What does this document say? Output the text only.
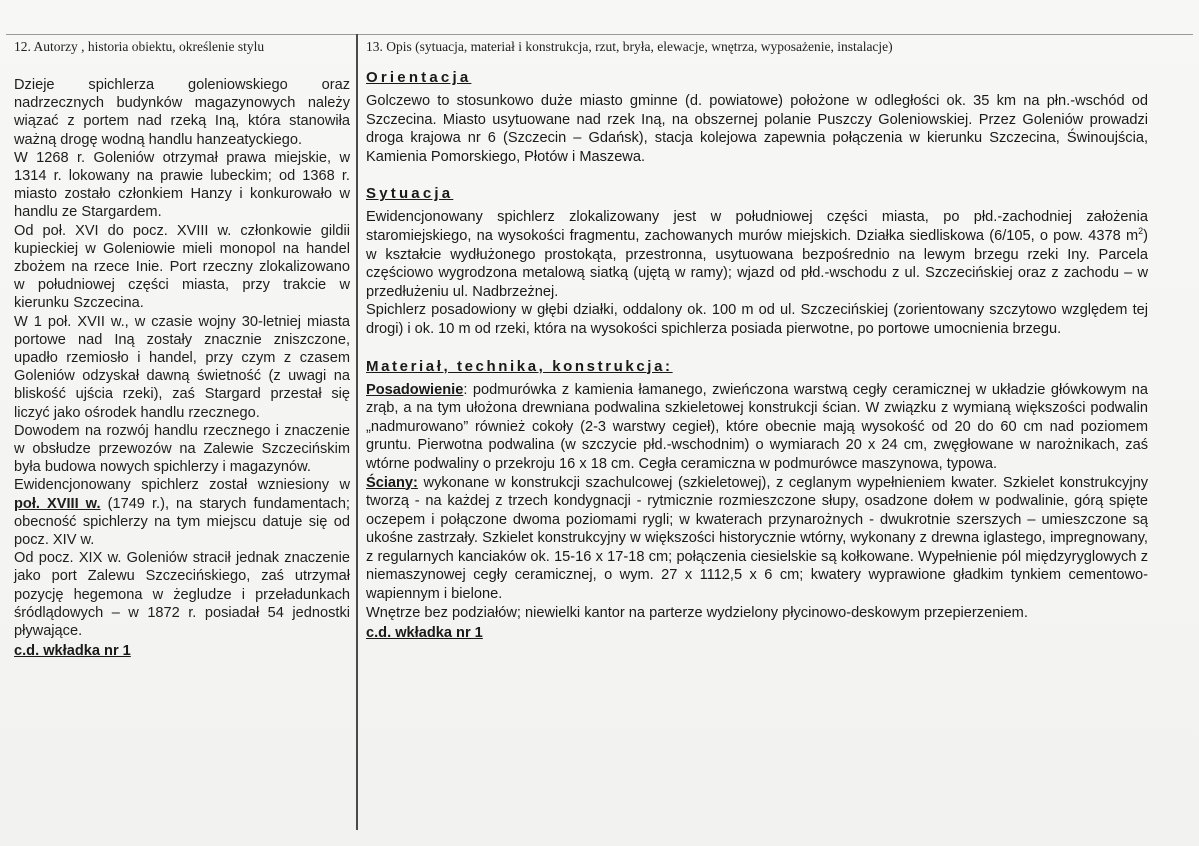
12. Autorzy , historia obiektu, określenie stylu

Dzieje spichlerza goleniowskiego oraz nadrzecznych budynków magazynowych należy wiązać z portem nad rzeką Iną, która stanowiła ważną drogę wodną handlu hanzeatyckiego.

W 1268 r. Goleniów otrzymał prawa miejskie, w 1314 r. lokowany na prawie lubeckim; od 1368 r. miasto zostało członkiem Hanzy i konkurowało w handlu ze Stargardem.

Od poł. XVI do pocz. XVIII w. członkowie gildii kupieckiej w Goleniowie mieli monopol na handel zbożem na rzece Inie. Port rzeczny zlokalizowano w południowej części miasta, przy trakcie w kierunku Szczecina.

W 1 poł. XVII w., w czasie wojny 30-letniej miasta portowe nad Iną zostały znacznie zniszczone, upadło rzemiosło i handel, przy czym z czasem Goleniów odzyskał dawną świetność (z uwagi na bliskość ujścia rzeki), zaś Stargard przestał się liczyć jako ośrodek handlu rzecznego.

Dowodem na rozwój handlu rzecznego i znaczenie w obsłudze przewozów na Zalewie Szczecińskim była budowa nowych spichlerzy i magazynów.

Ewidencjonowany spichlerz został wzniesiony w poł. XVIII w. (1749 r.), na starych fundamentach; obecność spichlerzy na tym miejscu datuje się od pocz. XIV w.

Od pocz. XIX w. Goleniów stracił jednak znaczenie jako port Zalewu Szczecińskiego, zaś utrzymał pozycję hegemona w żegludze i przeładunkach śródlądowych – w 1872 r. posiadał 54 jednostki pływające.

c.d. wkładka nr 1
13. Opis (sytuacja, materiał i konstrukcja, rzut, bryła, elewacje, wnętrza, wyposażenie, instalacje)
Orientacja
Golczewo to stosunkowo duże miasto gminne (d. powiatowe) położone w odległości ok. 35 km na płn.-wschód od Szczecina. Miasto usytuowane nad rzek Iną, na obszernej polanie Puszczy Goleniowskiej. Przez Goleniów prowadzi droga krajowa nr 6 (Szczecin – Gdańsk), stacja kolejowa zapewnia połączenia w kierunku Szczecina, Świnoujścia, Kamienia Pomorskiego, Płotów i Maszewa.
Sytuacja

Ewidencjonowany spichlerz zlokalizowany jest w południowej części miasta, po płd.-zachodniej założenia staromiejskiego, na wysokości fragmentu, zachowanych murów miejskich. Działka siedliskowa (6/105, o pow. 4378 $m^2$) w kształcie wydłużonego prostokąta, przestronna, usytuowana bezpośrednio na lewym brzegu rzeki Iny. Parcela częściowo wygrodzona metalową siatką (ujętą w ramy); wjazd od płd.-wschodu z ul. Szczecińskiej oraz z zachodu – w przedłużeniu ul. Nadbrzeżnej.

Spichlerz posadowiony w głębi działki, oddalony ok. 100 m od ul. Szczecińskiej (zorientowany szczytowo względem tej drogi) i ok. 10 m od rzeki, która na wysokości spichlerza posiada pierwotne, po portowe umocnienia brzegu.

Materiał, technika, konstrukcja:

Posadowienie: podmurówka z kamienia łamanego, zwieńczona warstwą cegły ceramicznej w układzie główkowym na zrąb, a na tym ułożona drewniana podwalina szkieletowej konstrukcji ścian. W związku z wymianą większości podwalin „nadmurowano” również cokoły (2-3 warstwy cegieł), które obecnie mają wysokość od 20 do 60 cm nad poziomem gruntu. Pierwotna podwalina (w szczycie płd.-wschodnim) o wymiarach 20 x 24 cm, zwęgłowane w narożnikach, zaś wtórne podwaliny o przekroju 16 x 18 cm. Cegła ceramiczna w podmurówce maszynowa, typowa.

Ściany: wykonane w konstrukcji szachulcowej (szkieletowej), z ceglanym wypełnieniem kwater. Szkielet konstrukcyjny tworzą - na każdej z trzech kondygnacji - rytmicznie rozmieszczone słupy, osadzone dołem w podwalinie, górą spięte oczepem i połączone dwoma poziomami rygli; w kwaterach przynarożnych - dwukrotnie szerszych – umieszczone są ukośne zastrzały. Szkielet konstrukcyjny w większości historycznie wtórny, wykonany z drewna iglastego, impregnowany, z regularnych kanciaków ok. 15-16 x 17-18 cm; połączenia ciesielskie są kołkowane. Wypełnienie pól międzyryglowych z niemaszynowej cegły ceramicznej, o wym. 27 x 1112,5 x 6 cm; kwatery wyprawione gładkim tynkiem cementowo-wapiennym i bielone.

Wnętrze bez podziałów; niewielki kantor na parterze wydzielony płycinowo-deskowym przepierzeniem.

c.d. wkładka nr 1
